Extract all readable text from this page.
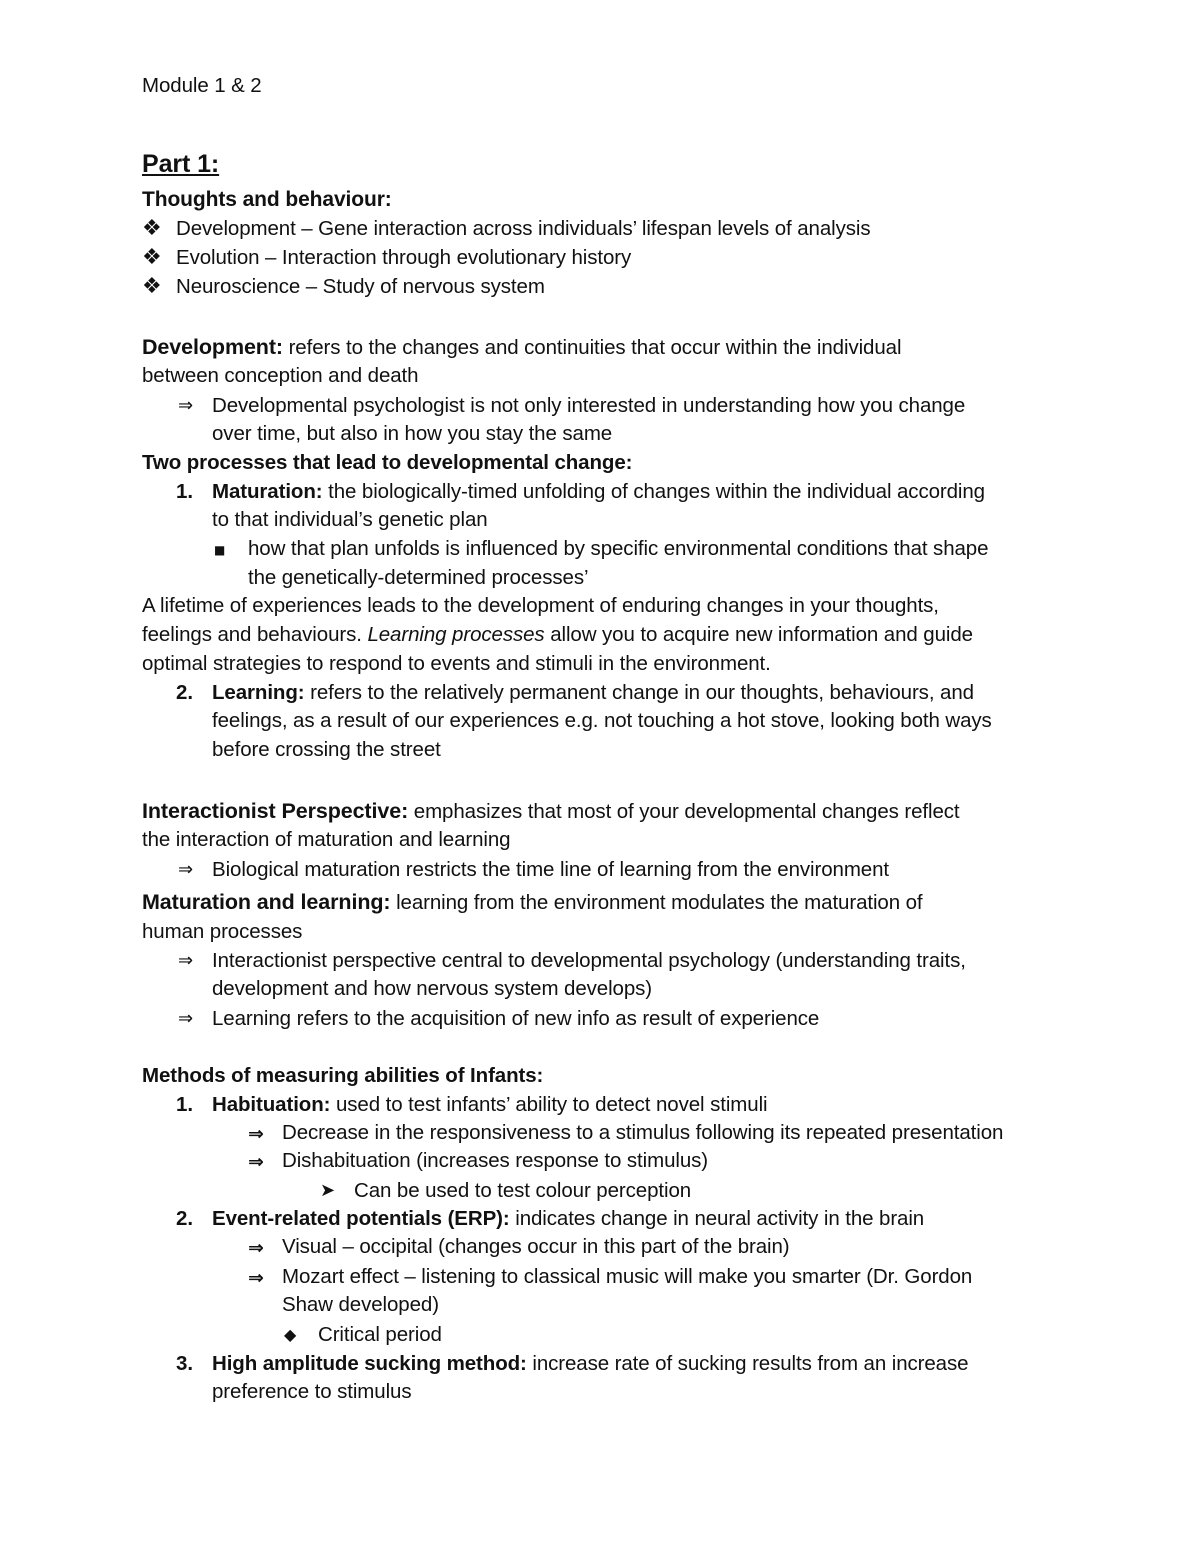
Module 1 & 2
Part 1:
Thoughts and behaviour:
❖ Development – Gene interaction across individuals’ lifespan levels of analysis
❖ Evolution – Interaction through evolutionary history
❖ Neuroscience – Study of nervous system
Development: refers to the changes and continuities that occur within the individual
between conception and death
⇒ Developmental psychologist is not only interested in understanding how you change
over time, but also in how you stay the same
Two processes that lead to developmental change:
1. Maturation: the biologically-timed unfolding of changes within the individual according
to that individual’s genetic plan
■ how that plan unfolds is influenced by specific environmental conditions that shape
the genetically-determined processes’
A lifetime of experiences leads to the development of enduring changes in your thoughts,
feelings and behaviours. Learning processes allow you to acquire new information and guide
optimal strategies to respond to events and stimuli in the environment.
2. Learning: refers to the relatively permanent change in our thoughts, behaviours, and
feelings, as a result of our experiences e.g. not touching a hot stove, looking both ways
before crossing the street
Interactionist Perspective: emphasizes that most of your developmental changes reflect
the interaction of maturation and learning
⇒ Biological maturation restricts the time line of learning from the environment
Maturation and learning: learning from the environment modulates the maturation of
human processes
⇒ Interactionist perspective central to developmental psychology (understanding traits,
development and how nervous system develops)
⇒ Learning refers to the acquisition of new info as result of experience
Methods of measuring abilities of Infants:
1. Habituation: used to test infants’ ability to detect novel stimuli
⇒ Decrease in the responsiveness to a stimulus following its repeated presentation
⇒ Dishabituation (increases response to stimulus)
➤ Can be used to test colour perception
2. Event-related potentials (ERP): indicates change in neural activity in the brain
⇒ Visual – occipital (changes occur in this part of the brain)
⇒ Mozart effect – listening to classical music will make you smarter (Dr. Gordon
Shaw developed)
◆ Critical period
3. High amplitude sucking method: increase rate of sucking results from an increase
preference to stimulus
